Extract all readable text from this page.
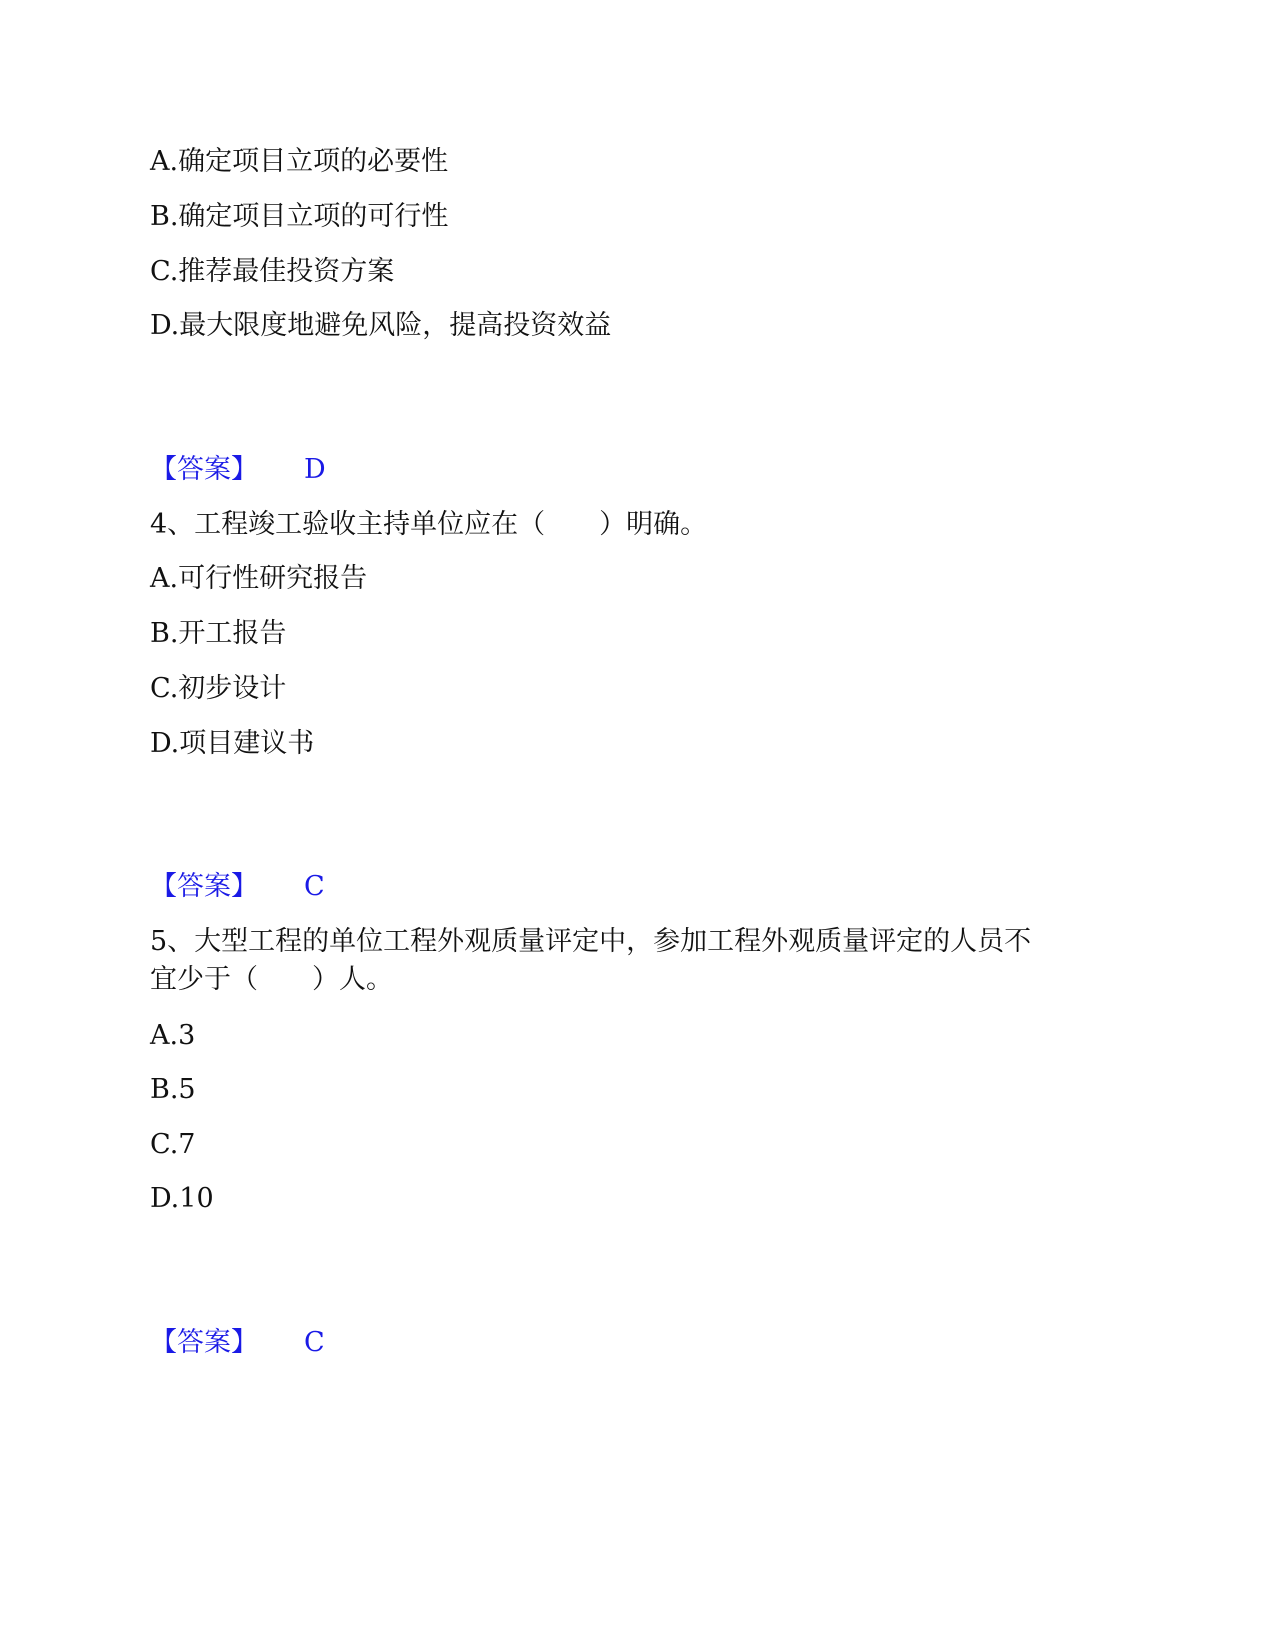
A.确定项目立项的必要性
B.确定项目立项的可行性
C.推荐最佳投资方案
D.最大限度地避免风险，提高投资效益
【答案】 D
4、工程竣工验收主持单位应在（　　）明确。
A.可行性研究报告
B.开工报告
C.初步设计
D.项目建议书
【答案】 C
5、大型工程的单位工程外观质量评定中，参加工程外观质量评定的人员不
宜少于（　　）人。
A.3
B.5
C.7
D.10
【答案】 C
